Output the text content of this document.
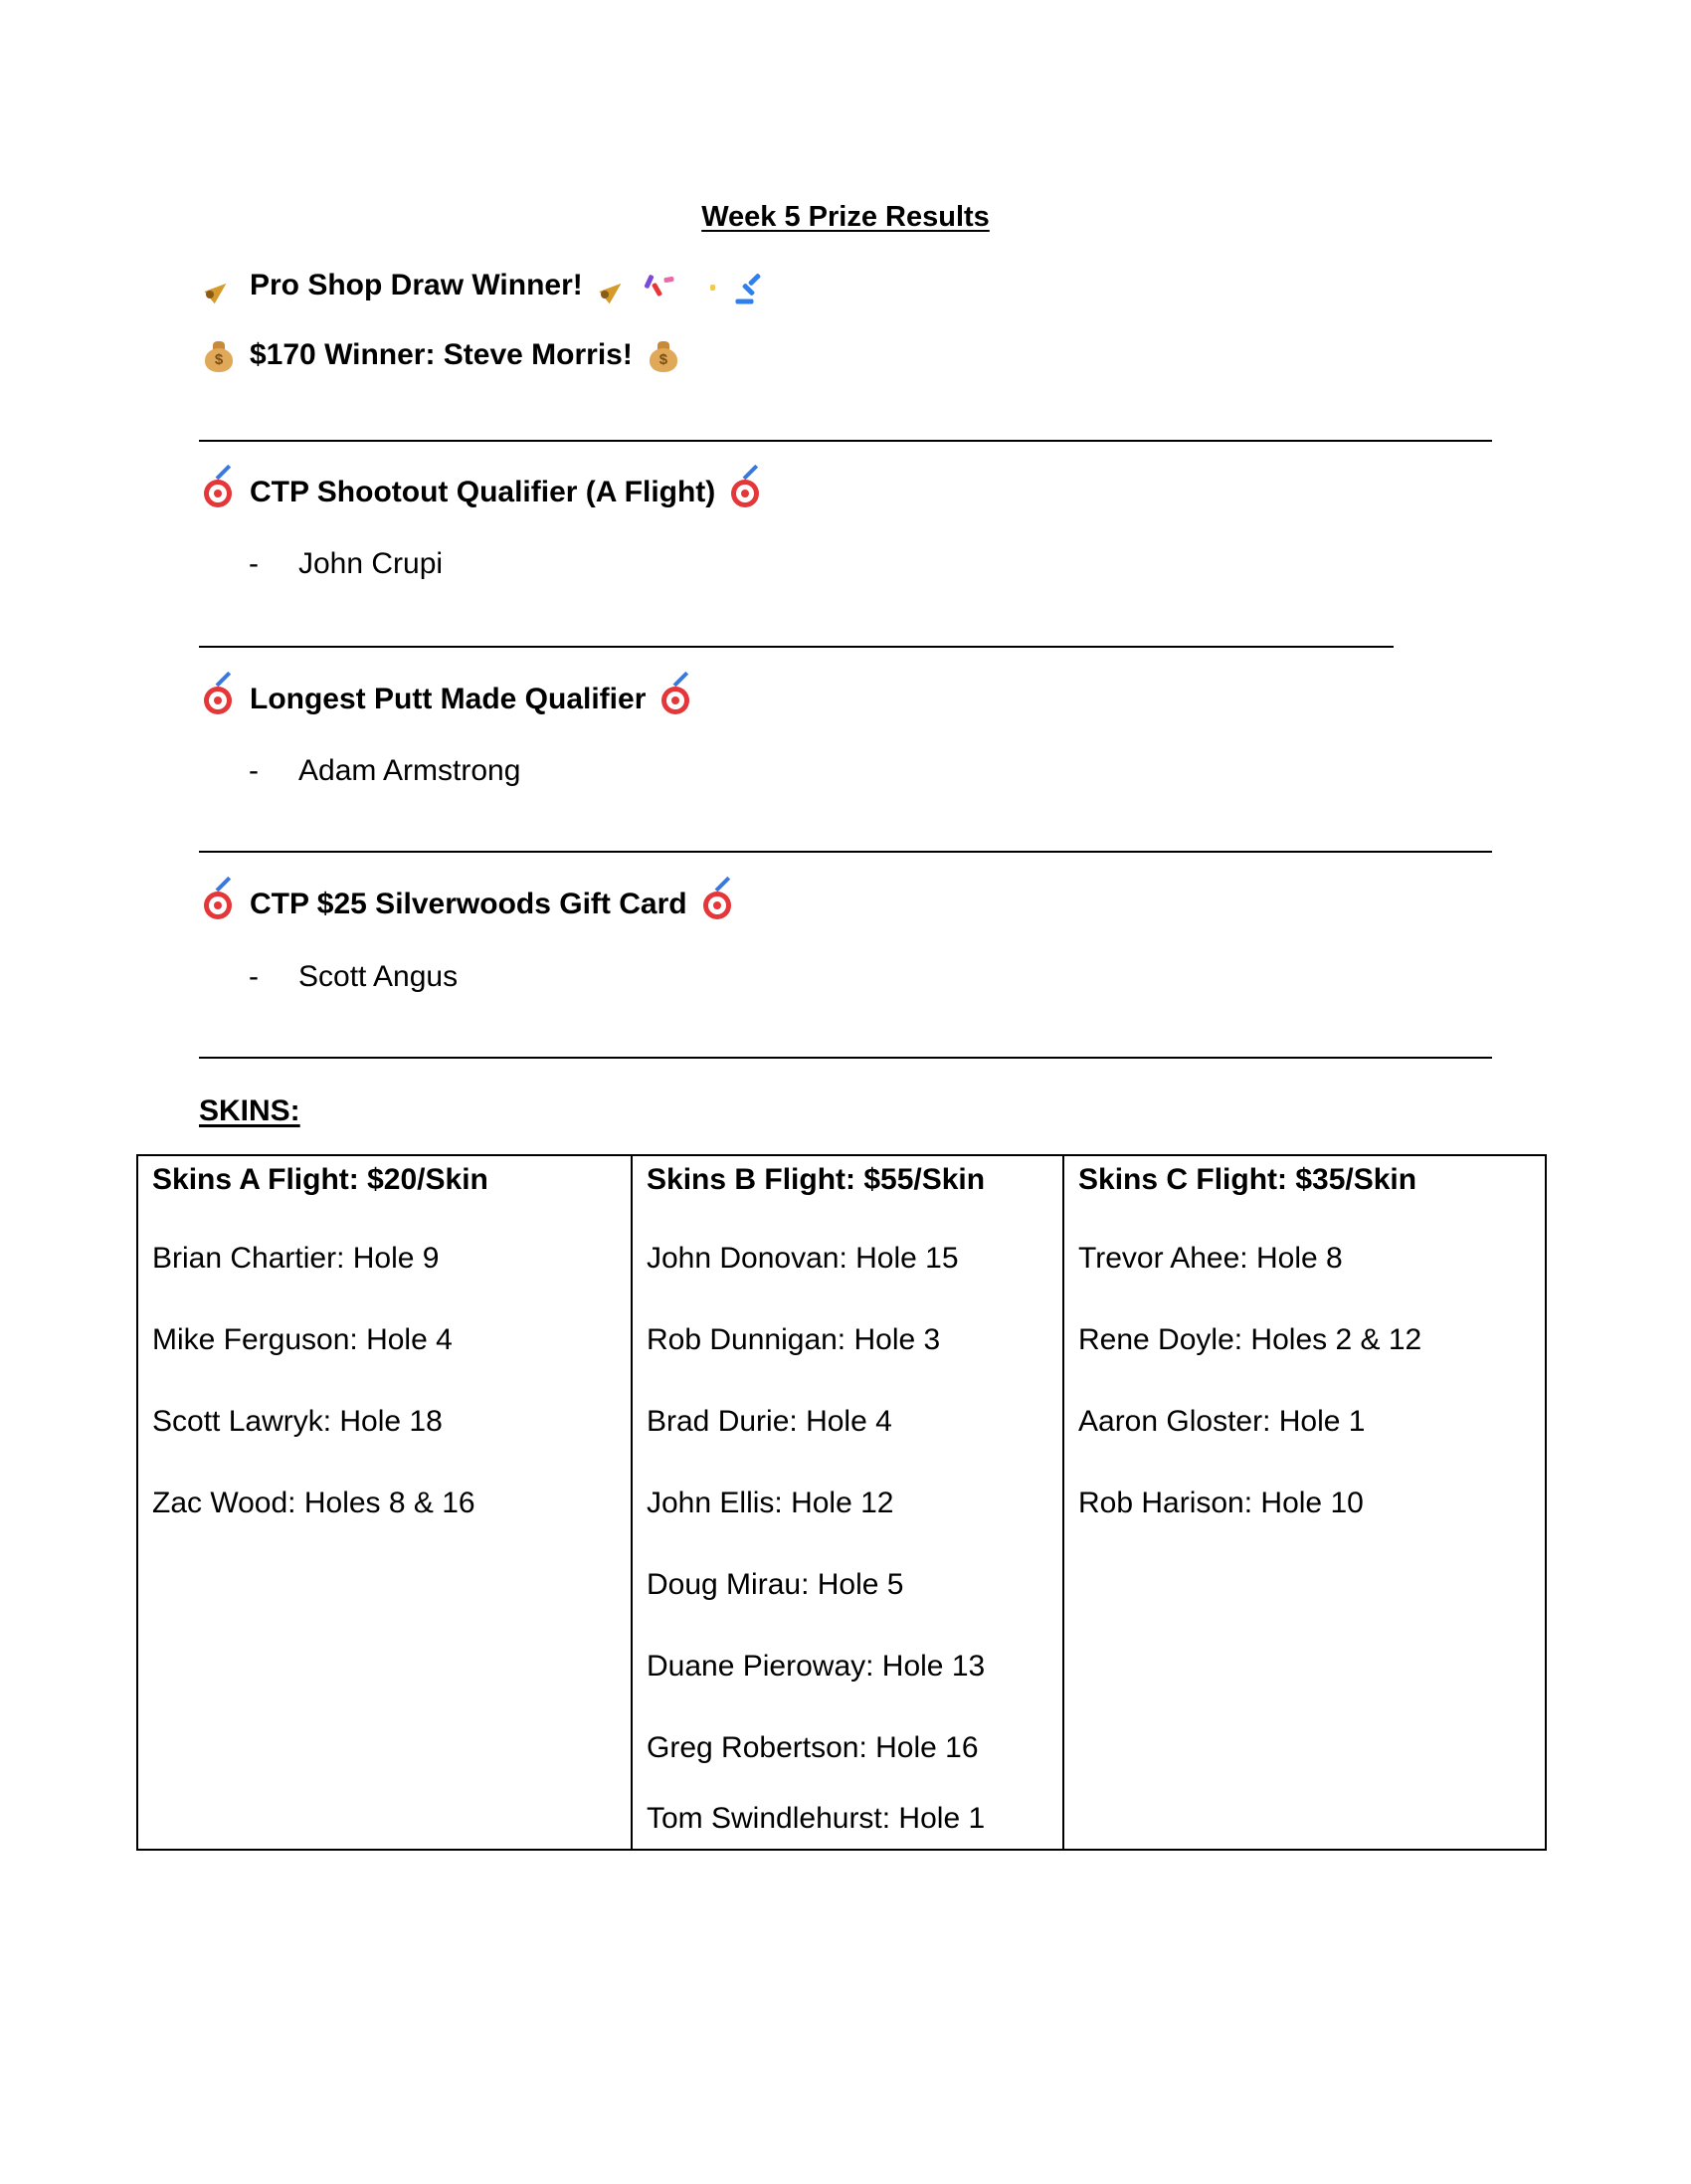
Week 5 Prize Results
Pro Shop Draw Winner!
$ $170 Winner: Steve Morris!	$
CTP Shootout Qualifier (A Flight)
- John Crupi
Longest Putt Made Qualifier
- Adam Armstrong
CTP $25 Silverwoods Gift Card
- Scott Angus
SKINS:
Skins A Flight: $20/Skin
Brian Chartier: Hole 9
Mike Ferguson: Hole 4
Scott Lawryk: Hole 18
Zac Wood: Holes 8 & 16

Skins B Flight: $55/Skin
John Donovan: Hole 15
Rob Dunnigan: Hole 3
Brad Durie: Hole 4
John Ellis: Hole 12
Doug Mirau: Hole 5
Duane Pieroway: Hole 13
Greg Robertson: Hole 16
Tom Swindlehurst: Hole 1

Skins C Flight: $35/Skin
Trevor Ahee: Hole 8
Rene Doyle: Holes 2 & 12
Aaron Gloster: Hole 1
Rob Harison: Hole 10
